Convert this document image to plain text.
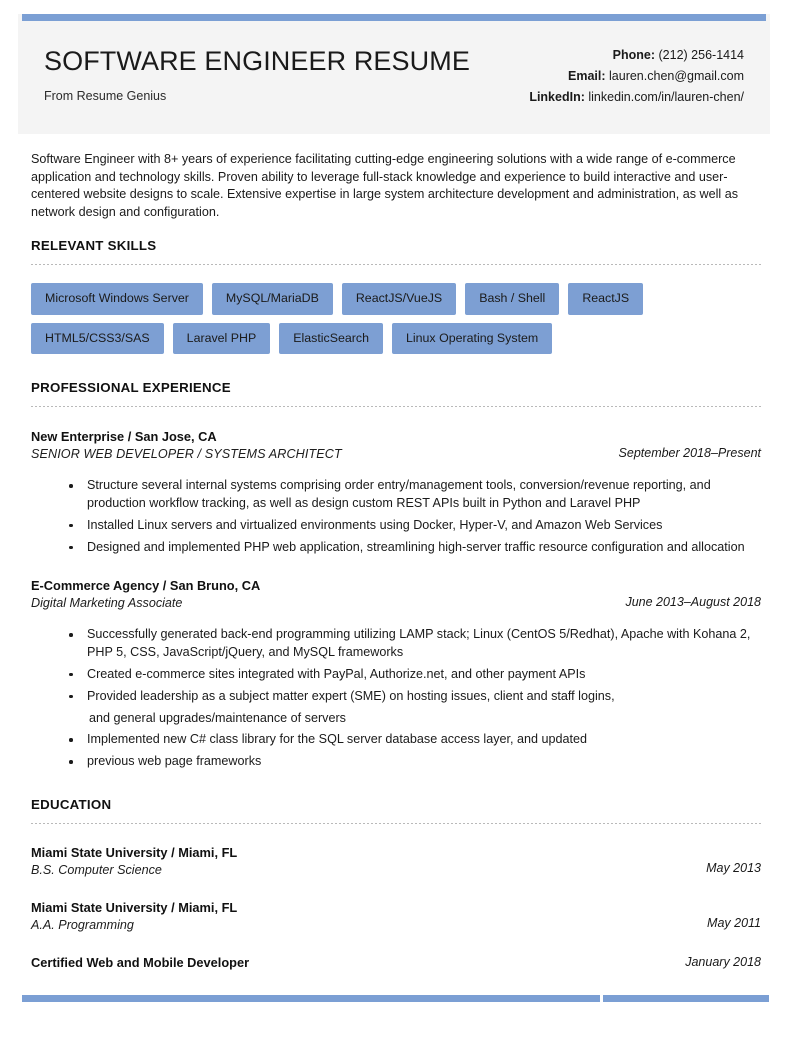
SOFTWARE ENGINEER RESUME
From Resume Genius
Phone: (212) 256-1414
Email: lauren.chen@gmail.com
LinkedIn: linkedin.com/in/lauren-chen/

Software Engineer with 8+ years of experience facilitating cutting-edge engineering solutions with a wide range of e-commerce application and technology skills. Proven ability to leverage full-stack knowledge and experience to build interactive and user-centered website designs to scale. Extensive expertise in large system architecture development and administration, as well as network design and configuration.

RELEVANT SKILLS
Microsoft Windows Server	MySQL/MariaDB	ReactJS/VueJS	Bash / Shell	ReactJS
HTML5/CSS3/SAS	Laravel PHP	ElasticSearch	Linux Operating System
PROFESSIONAL EXPERIENCE
New Enterprise / San Jose, CA
SENIOR WEB DEVELOPER / SYSTEMS ARCHITECT	September 2018–Present
Structure several internal systems comprising order entry/management tools, conversion/revenue reporting, and production workflow tracking, as well as design custom REST APIs built in Python and Laravel PHP
Installed Linux servers and virtualized environments using Docker, Hyper-V, and Amazon Web Services
Designed and implemented PHP web application, streamlining high-server traffic resource configuration and allocation
E-Commerce Agency / San Bruno, CA
Digital Marketing Associate	June 2013–August 2018
Successfully generated back-end programming utilizing LAMP stack; Linux (CentOS 5/Redhat), Apache with Kohana 2, PHP 5, CSS, JavaScript/jQuery, and MySQL frameworks
Created e-commerce sites integrated with PayPal, Authorize.net, and other payment APIs
Provided leadership as a subject matter expert (SME) on hosting issues, client and staff logins,
and general upgrades/maintenance of servers
Implemented new C# class library for the SQL server database access layer, and updated
previous web page frameworks
EDUCATION
Miami State University / Miami, FL
B.S. Computer Science	May 2013
Miami State University / Miami, FL
A.A. Programming	May 2011
Certified Web and Mobile Developer	January 2018
